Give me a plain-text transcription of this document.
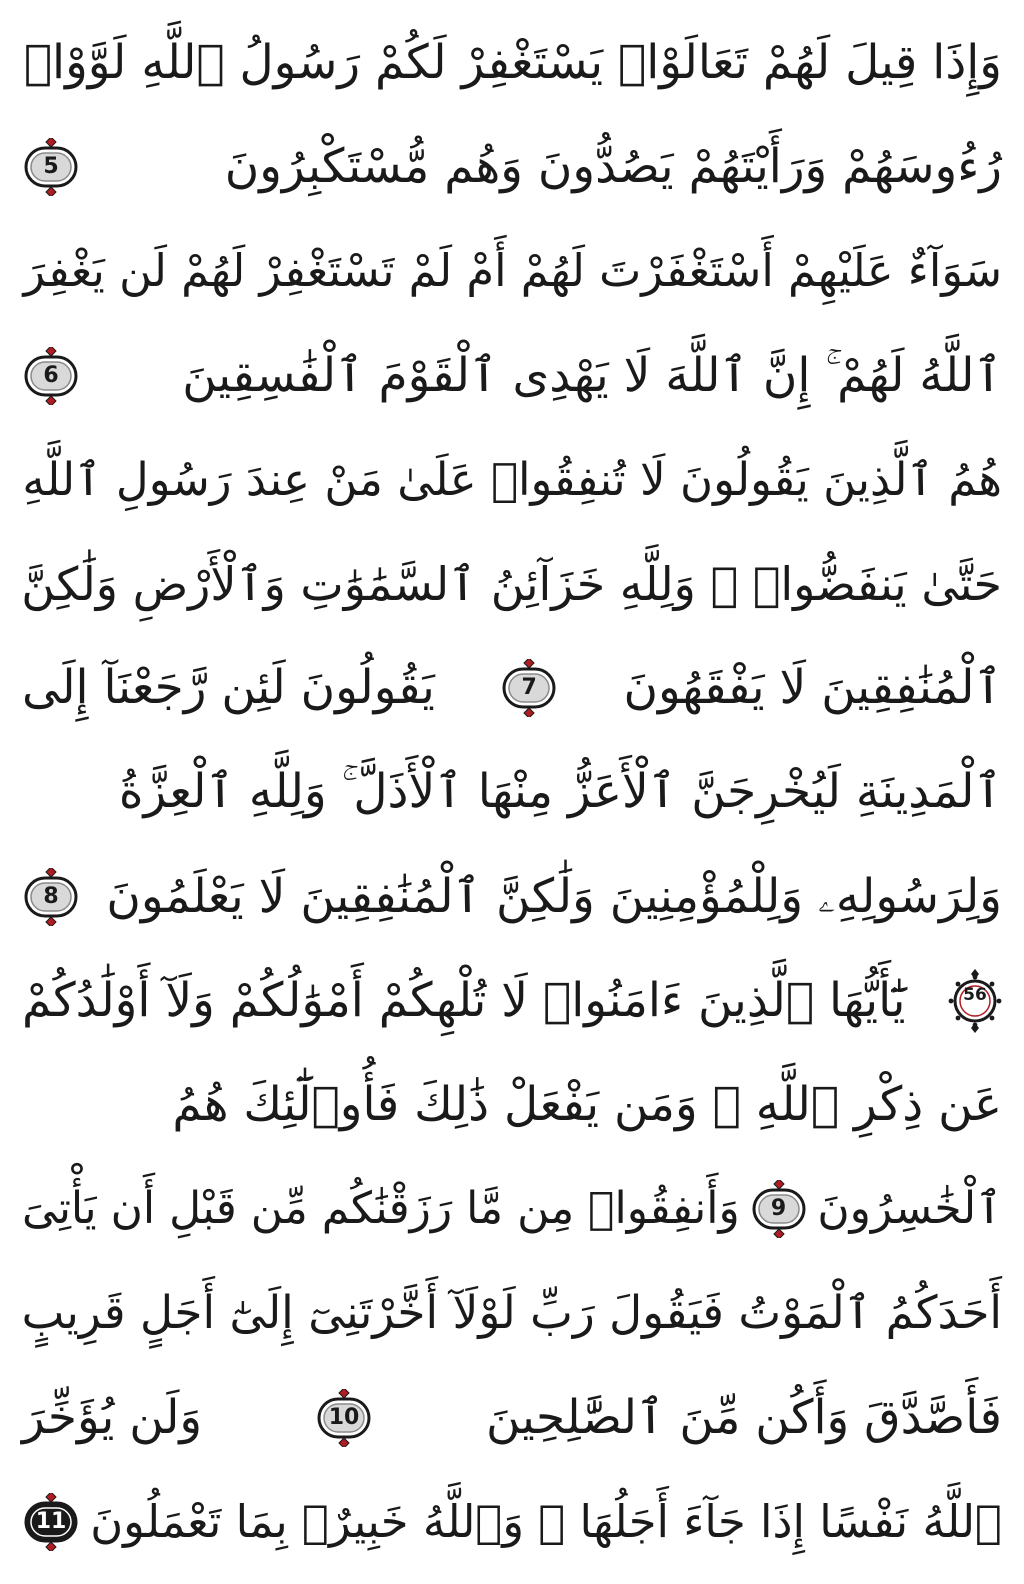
وَإِذَا قِيلَ لَهُمْ تَعَالَوْا۟ يَسْتَغْفِرْ لَكُمْ رَسُولُ ٱللَّهِ لَوَّوْا۟
رُءُوسَهُمْ وَرَأَيْتَهُمْ يَصُدُّونَ وَهُم مُّسْتَكْبِرُونَ
5
سَوَآءٌ عَلَيْهِمْ أَسْتَغْفَرْتَ لَهُمْ أَمْ لَمْ تَسْتَغْفِرْ لَهُمْ لَن يَغْفِرَ
ٱللَّهُ لَهُمْ ۚ إِنَّ ٱللَّهَ لَا يَهْدِى ٱلْقَوْمَ ٱلْفَٰسِقِينَ
6
هُمُ ٱلَّذِينَ يَقُولُونَ لَا تُنفِقُوا۟ عَلَىٰ مَنْ عِندَ رَسُولِ ٱللَّهِ
حَتَّىٰ يَنفَضُّوا۟ ۗ وَلِلَّهِ خَزَآئِنُ ٱلسَّمَٰوَٰتِ وَٱلْأَرْضِ وَلَٰكِنَّ
ٱلْمُنَٰفِقِينَ لَا يَفْقَهُونَ
7
يَقُولُونَ لَئِن رَّجَعْنَآ إِلَى
ٱلْمَدِينَةِ لَيُخْرِجَنَّ ٱلْأَعَزُّ مِنْهَا ٱلْأَذَلَّ ۚ وَلِلَّهِ ٱلْعِزَّةُ
وَلِرَسُولِهِۦ وَلِلْمُؤْمِنِينَ وَلَٰكِنَّ ٱلْمُنَٰفِقِينَ لَا يَعْلَمُونَ
8
56
يَٰٓأَيُّهَا ٱلَّذِينَ ءَامَنُوا۟ لَا تُلْهِكُمْ أَمْوَٰلُكُمْ وَلَآ أَوْلَٰدُكُمْ
عَن ذِكْرِ ٱللَّهِ ۚ وَمَن يَفْعَلْ ذَٰلِكَ فَأُو۟لَٰٓئِكَ هُمُ
ٱلْخَٰسِرُونَ
9
وَأَنفِقُوا۟ مِن مَّا رَزَقْنَٰكُم مِّن قَبْلِ أَن يَأْتِىَ
أَحَدَكُمُ ٱلْمَوْتُ فَيَقُولَ رَبِّ لَوْلَآ أَخَّرْتَنِىٓ إِلَىٰٓ أَجَلٍ قَرِيبٍ
فَأَصَّدَّقَ وَأَكُن مِّنَ ٱلصَّٰلِحِينَ
10
وَلَن يُؤَخِّرَ
ٱللَّهُ نَفْسًا إِذَا جَآءَ أَجَلُهَا ۚ وَٱللَّهُ خَبِيرٌۢ بِمَا تَعْمَلُونَ
11
